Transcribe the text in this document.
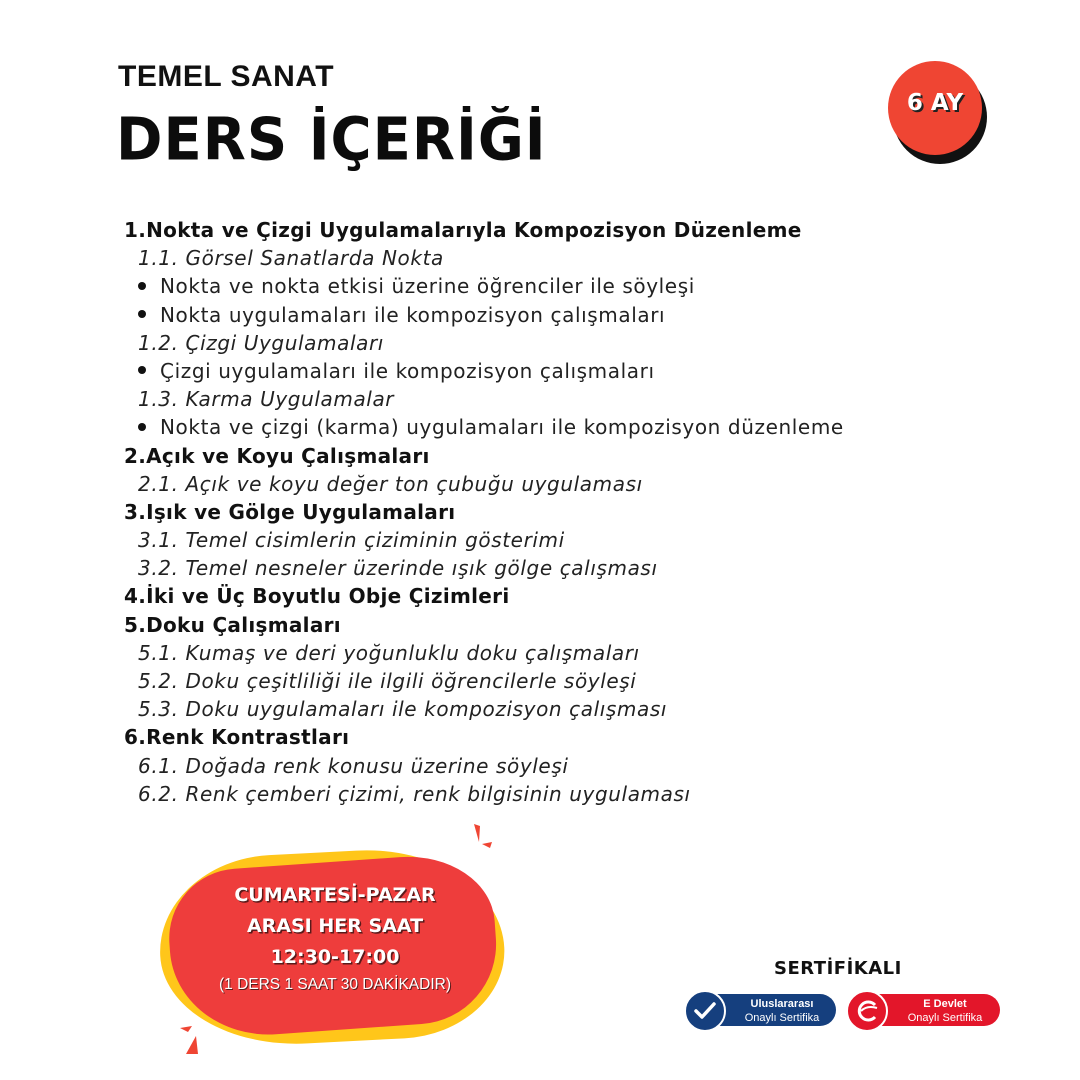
TEMEL SANAT
DERS İÇERİĞİ
6 AY
1.Nokta ve Çizgi Uygulamalarıyla Kompozisyon Düzenleme
1.1. Görsel Sanatlarda Nokta
Nokta ve nokta etkisi üzerine öğrenciler ile söyleşi
Nokta uygulamaları ile kompozisyon çalışmaları
1.2. Çizgi Uygulamaları
Çizgi uygulamaları ile kompozisyon çalışmaları
1.3. Karma Uygulamalar
Nokta ve çizgi (karma) uygulamaları ile kompozisyon düzenleme
2.Açık ve Koyu Çalışmaları
2.1. Açık ve koyu değer ton çubuğu uygulaması
3.Işık ve Gölge Uygulamaları
3.1. Temel cisimlerin çiziminin gösterimi
3.2. Temel nesneler üzerinde ışık gölge çalışması
4.İki ve Üç Boyutlu Obje Çizimleri
5.Doku Çalışmaları
5.1. Kumaş ve deri yoğunluklu doku çalışmaları
5.2. Doku çeşitliliği ile ilgili öğrencilerle söyleşi
5.3. Doku uygulamaları ile kompozisyon çalışması
6.Renk Kontrastları
6.1. Doğada renk konusu üzerine söyleşi
6.2. Renk çemberi çizimi, renk bilgisinin uygulaması
CUMARTESİ-PAZAR
ARASI HER SAAT
12:30-17:00
(1 DERS 1 SAAT 30 DAKİKADIR)
SERTİFİKALI
Uluslararası
Onaylı Sertifika
E Devlet
Onaylı Sertifika
